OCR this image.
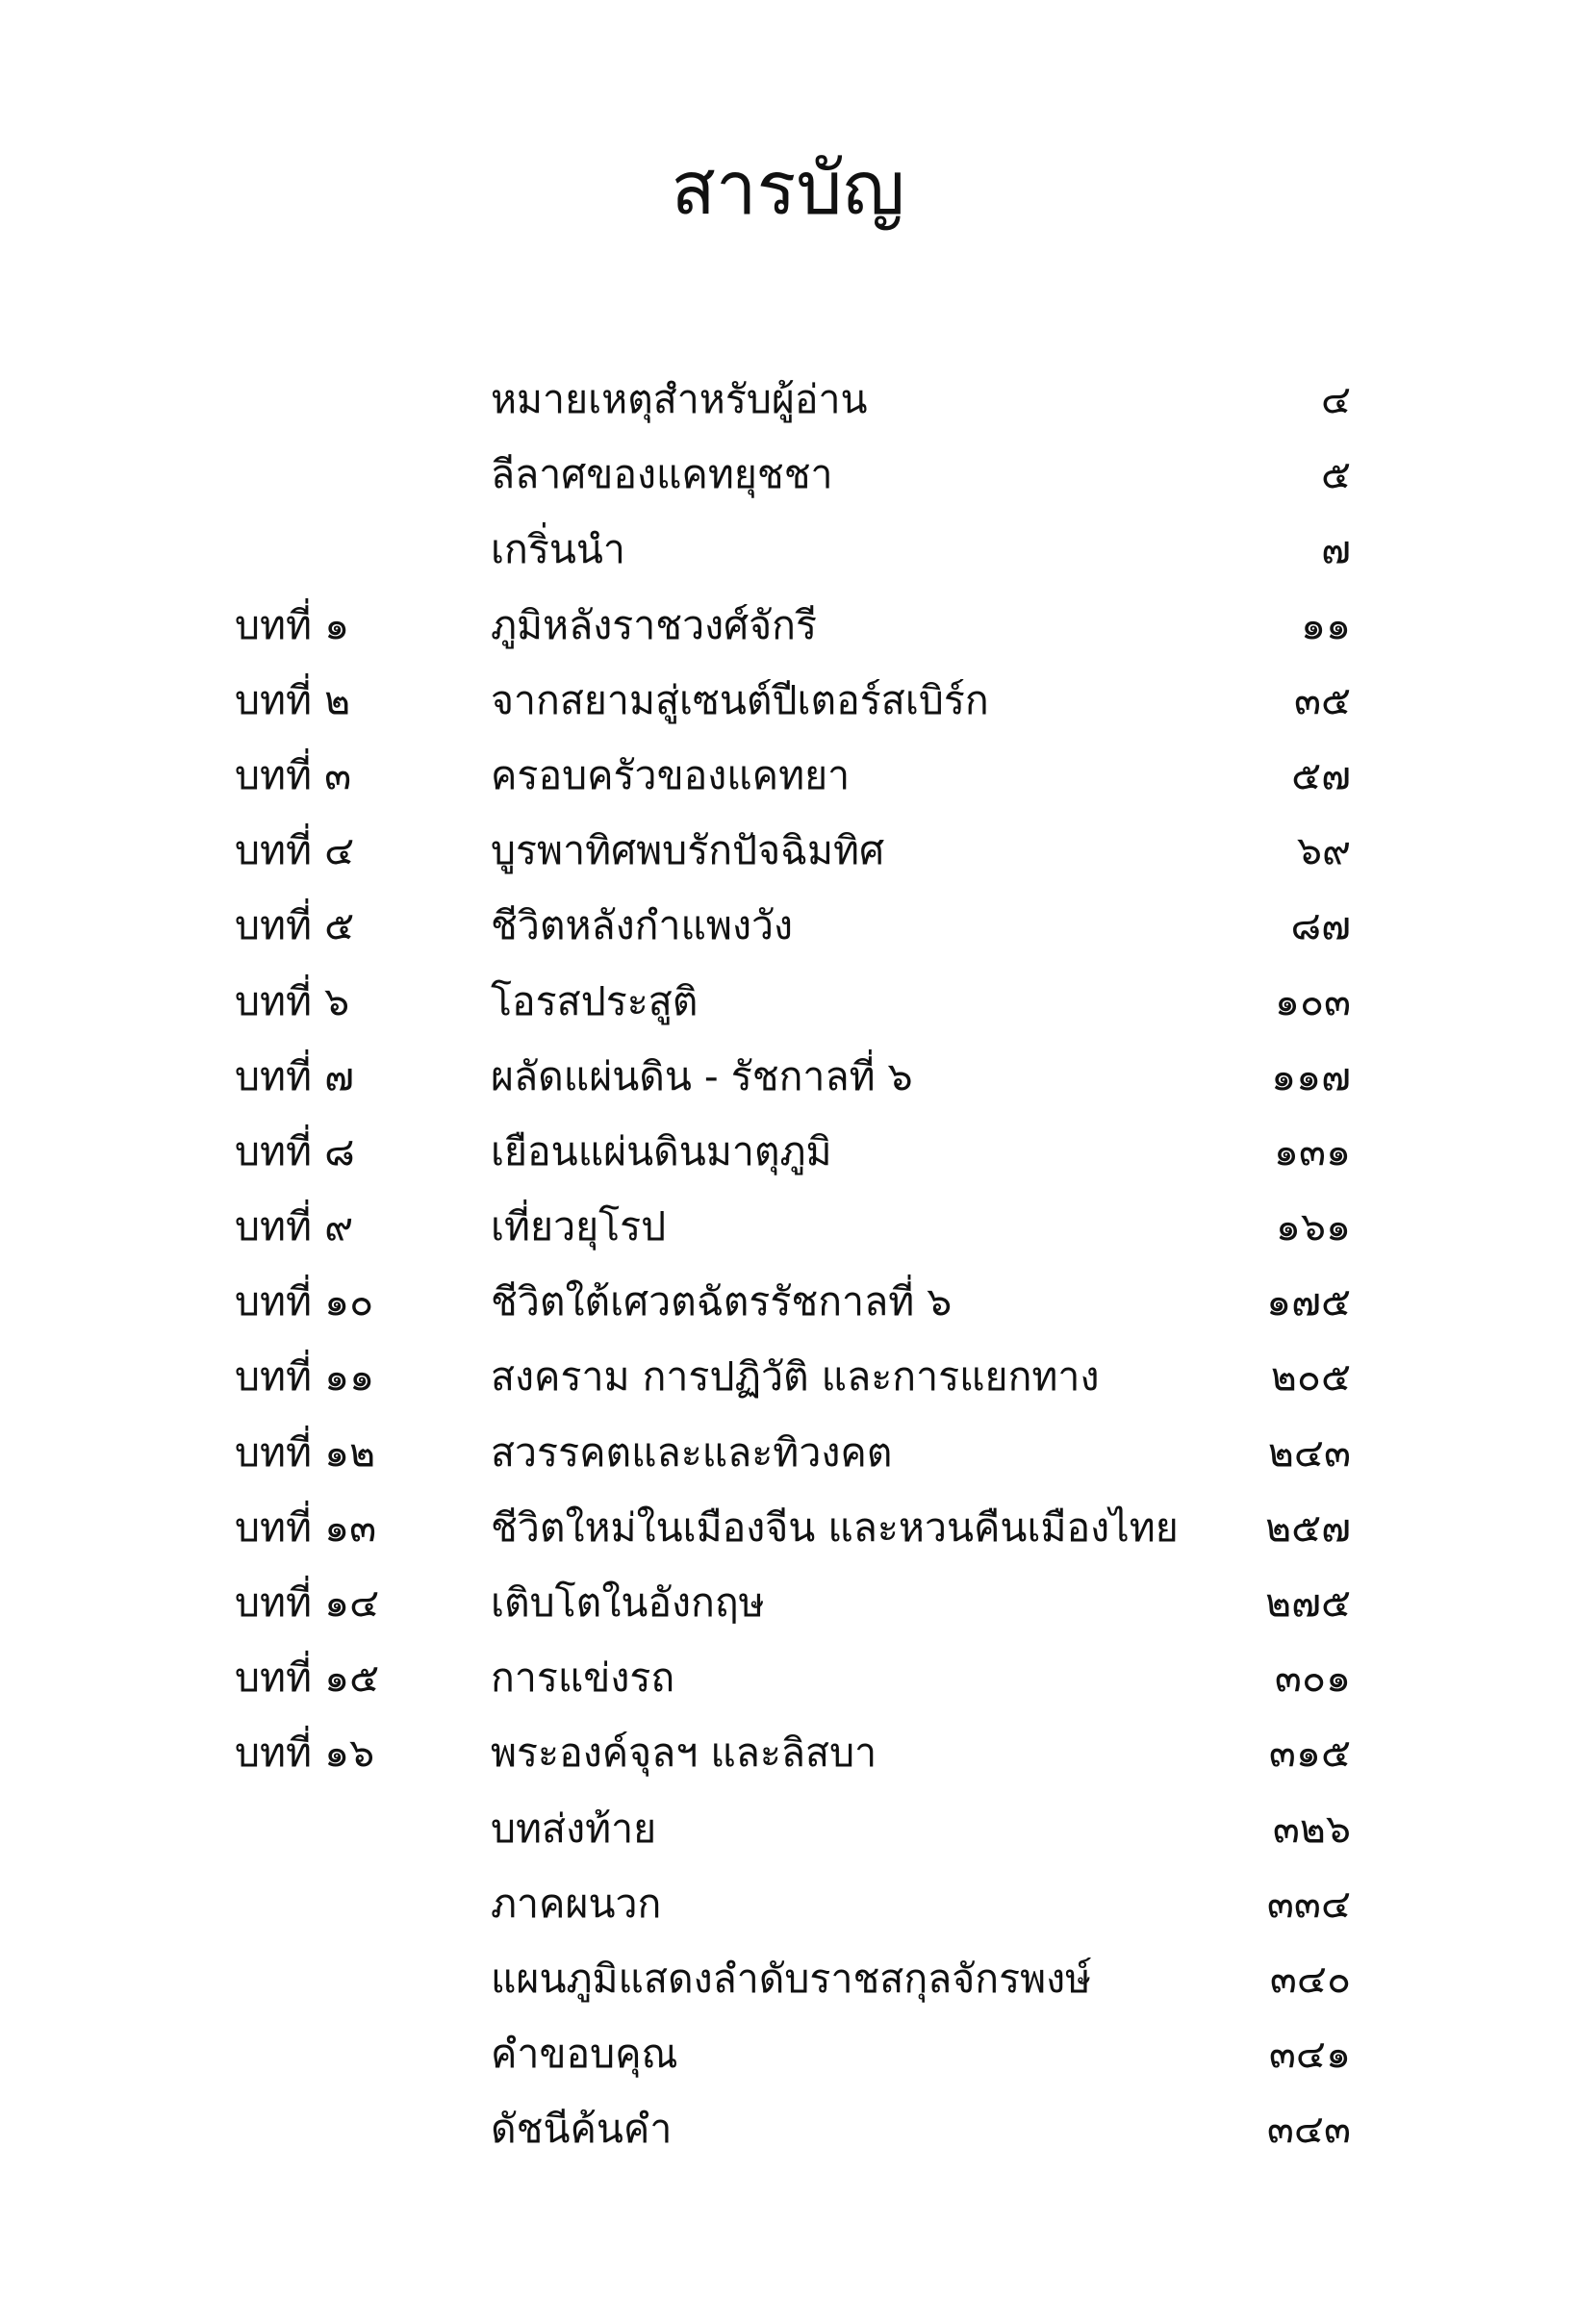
สารบัญ
หมายเหตุสำหรับผู้อ่าน	๔
ลีลาศของแคทยุชชา	๕
เกริ่นนำ	๗
บทที่ ๑	ภูมิหลังราชวงศ์จักรี	๑๑
บทที่ ๒	จากสยามสู่เซนต์ปีเตอร์สเบิร์ก	๓๕
บทที่ ๓	ครอบครัวของแคทยา	๕๗
บทที่ ๔	บูรพาทิศพบรักปัจฉิมทิศ	๖๙
บทที่ ๕	ชีวิตหลังกำแพงวัง	๘๗
บทที่ ๖	โอรสประสูติ	๑๐๓
บทที่ ๗	ผลัดแผ่นดิน - รัชกาลที่ ๖	๑๑๗
บทที่ ๘	เยือนแผ่นดินมาตุภูมิ	๑๓๑
บทที่ ๙	เที่ยวยุโรป	๑๖๑
บทที่ ๑๐	ชีวิตใต้เศวตฉัตรรัชกาลที่ ๖	๑๗๕
บทที่ ๑๑	สงคราม การปฏิวัติ และการแยกทาง	๒๐๕
บทที่ ๑๒	สวรรคตและและทิวงคต	๒๔๓
บทที่ ๑๓	ชีวิตใหม่ในเมืองจีน และหวนคืนเมืองไทย ๒๕๗
บทที่ ๑๔	เติบโตในอังกฤษ	๒๗๕
บทที่ ๑๕	การแข่งรถ	๓๐๑
บทที่ ๑๖	พระองค์จุลฯ และลิสบา	๓๑๕
บทส่งท้าย	๓๒๖
ภาคผนวก	๓๓๔
แผนภูมิแสดงลำดับราชสกุลจักรพงษ์	๓๔๐
คำขอบคุณ	๓๔๑
ดัชนีค้นคำ	๓๔๓
